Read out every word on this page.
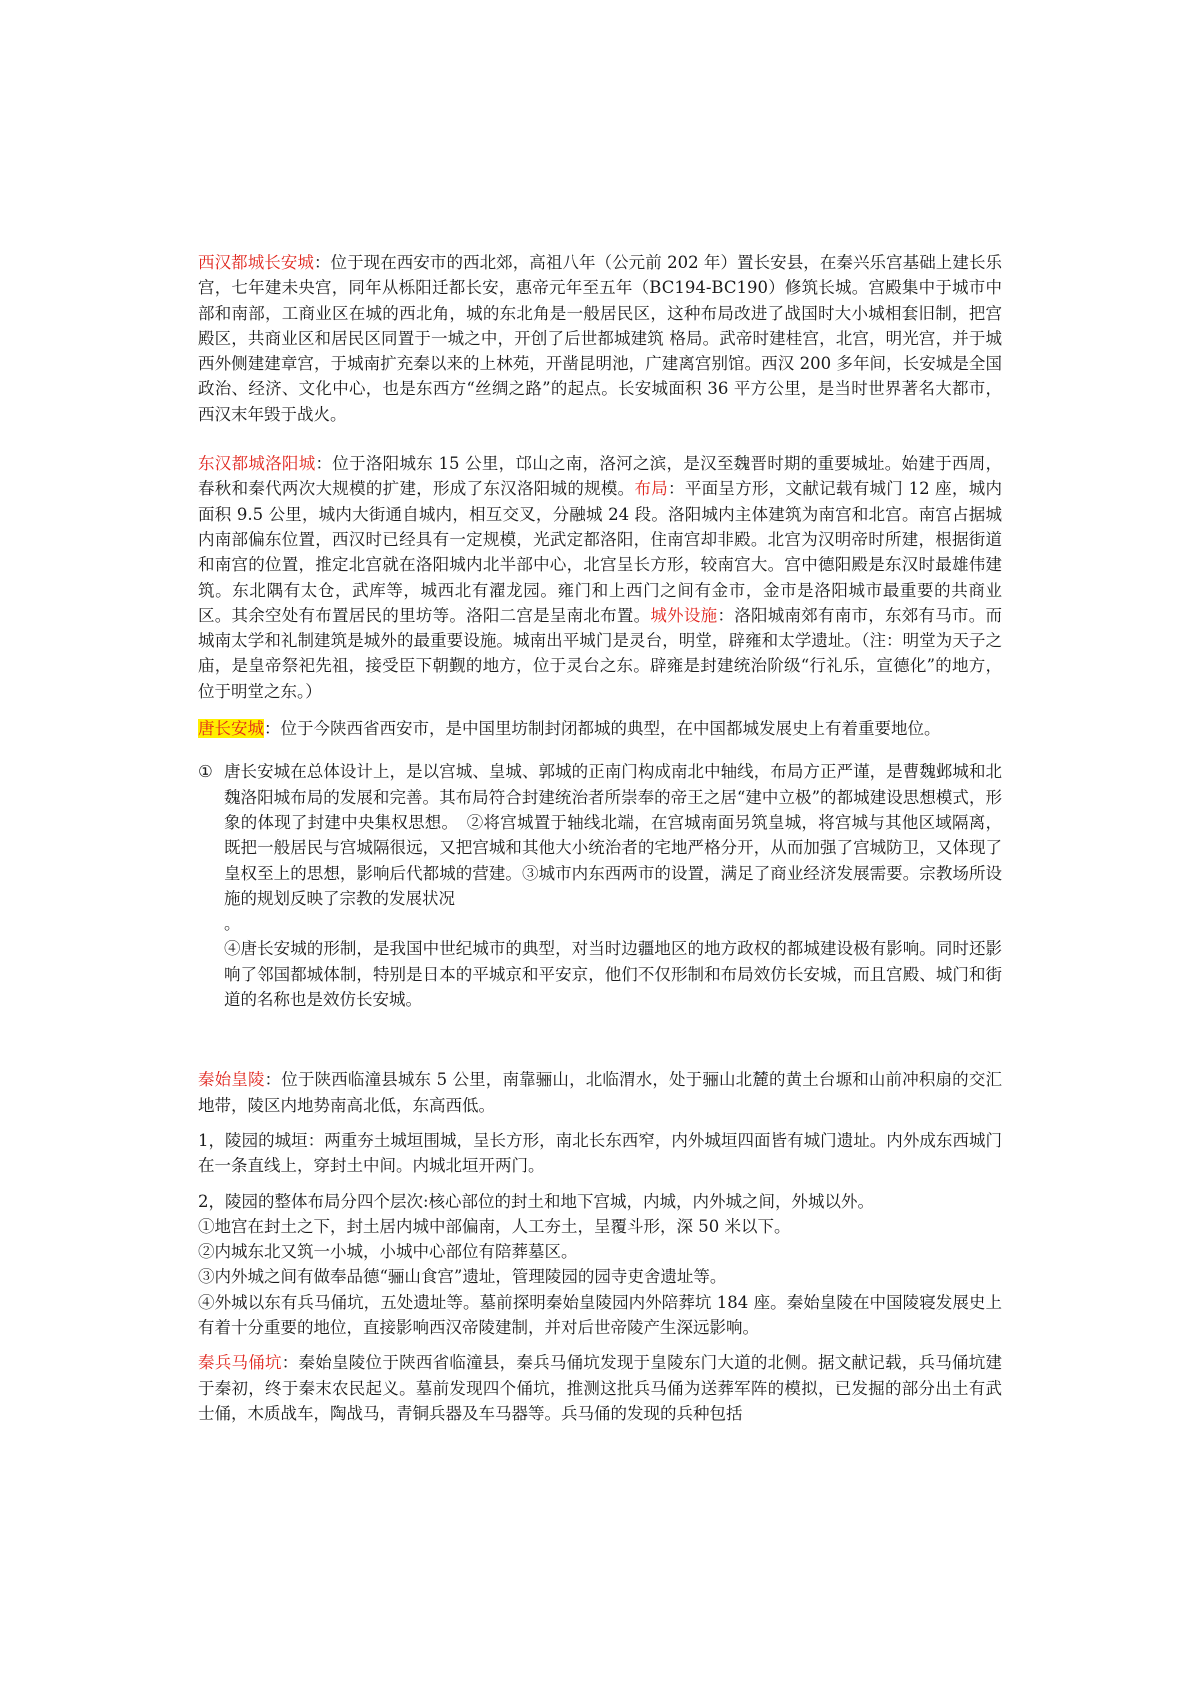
西汉都城长安城：位于现在西安市的西北郊，高祖八年（公元前 202 年）置长安县，在秦兴乐宫基础上建长乐宫，七年建未央宫，同年从栎阳迁都长安，惠帝元年至五年（BC194-BC190）修筑长城。宫殿集中于城市中部和南部，工商业区在城的西北角，城的东北角是一般居民区，这种布局改进了战国时大小城相套旧制，把宫殿区，共商业区和居民区同置于一城之中，开创了后世都城建筑 格局。武帝时建桂宫，北宫，明光宫，并于城西外侧建建章宫，于城南扩充秦以来的上林苑，开凿昆明池，广建离宫别馆。西汉 200 多年间，长安城是全国政治、经济、文化中心，也是东西方“丝绸之路”的起点。长安城面积 36 平方公里，是当时世界著名大都市，西汉末年毁于战火。

东汉都城洛阳城：位于洛阳城东 15 公里，邙山之南，洛河之滨，是汉至魏晋时期的重要城址。始建于西周，春秋和秦代两次大规模的扩建，形成了东汉洛阳城的规模。布局：平面呈方形，文献记载有城门 12 座，城内面积 9.5 公里，城内大街通自城内，相互交叉，分融城 24 段。洛阳城内主体建筑为南宫和北宫。南宫占据城内南部偏东位置，西汉时已经具有一定规模，光武定都洛阳，住南宫却非殿。北宫为汉明帝时所建，根据街道和南宫的位置，推定北宫就在洛阳城内北半部中心，北宫呈长方形，较南宫大。宫中德阳殿是东汉时最雄伟建筑。东北隅有太仓，武库等，城西北有濯龙园。雍门和上西门之间有金市，金市是洛阳城市最重要的共商业区。其余空处有布置居民的里坊等。洛阳二宫是呈南北布置。城外设施：洛阳城南郊有南市，东郊有马市。而城南太学和礼制建筑是城外的最重要设施。城南出平城门是灵台，明堂，辟雍和太学遗址。（注：明堂为天子之庙，是皇帝祭祀先祖，接受臣下朝觐的地方，位于灵台之东。辟雍是封建统治阶级“行礼乐，宣德化”的地方，位于明堂之东。）

唐长安城：位于今陕西省西安市，是中国里坊制封闭都城的典型，在中国都城发展史上有着重要地位。

① 唐长安城在总体设计上，是以宫城、皇城、郭城的正南门构成南北中轴线，布局方正严谨，是曹魏邺城和北魏洛阳城布局的发展和完善。其布局符合封建统治者所崇奉的帝王之居“建中立极”的都城建设思想模式，形象的体现了封建中央集权思想。　②将宫城置于轴线北端，在宫城南面另筑皇城，将宫城与其他区域隔离，既把一般居民与宫城隔很远，又把宫城和其他大小统治者的宅地严格分开，从而加强了宫城防卫，又体现了皇权至上的思想，影响后代都城的营建。③城市内东西两市的设置，满足了商业经济发展需要。宗教场所设施的规划反映了宗教的发展状况

。

④唐长安城的形制，是我国中世纪城市的典型，对当时边疆地区的地方政权的都城建设极有影响。同时还影响了邻国都城体制，特别是日本的平城京和平安京，他们不仅形制和布局效仿长安城，而且宫殿、城门和街道的名称也是效仿长安城。

秦始皇陵：位于陕西临潼县城东 5 公里，南靠骊山，北临渭水，处于骊山北麓的黄土台塬和山前冲积扇的交汇地带，陵区内地势南高北低，东高西低。

1，陵园的城垣：两重夯土城垣围城，呈长方形，南北长东西窄，内外城垣四面皆有城门遗址。内外成东西城门在一条直线上，穿封土中间。内城北垣开两门。

2，陵园的整体布局分四个层次:核心部位的封土和地下宫城，内城，内外城之间，外城以外。

①地宫在封土之下，封土居内城中部偏南，人工夯土，呈覆斗形，深 50 米以下。

②内城东北又筑一小城，小城中心部位有陪葬墓区。

③内外城之间有做奉品德“骊山食宫”遗址，管理陵园的园寺吏舍遗址等。

④外城以东有兵马俑坑，五处遗址等。墓前探明秦始皇陵园内外陪葬坑 184 座。秦始皇陵在中国陵寝发展史上有着十分重要的地位，直接影响西汉帝陵建制，并对后世帝陵产生深远影响。

秦兵马俑坑：秦始皇陵位于陕西省临潼县，秦兵马俑坑发现于皇陵东门大道的北侧。据文献记载，兵马俑坑建于秦初，终于秦末农民起义。墓前发现四个俑坑，推测这批兵马俑为送葬军阵的模拟，已发掘的部分出土有武士俑，木质战车，陶战马，青铜兵器及车马器等。兵马俑的发现的兵种包括
